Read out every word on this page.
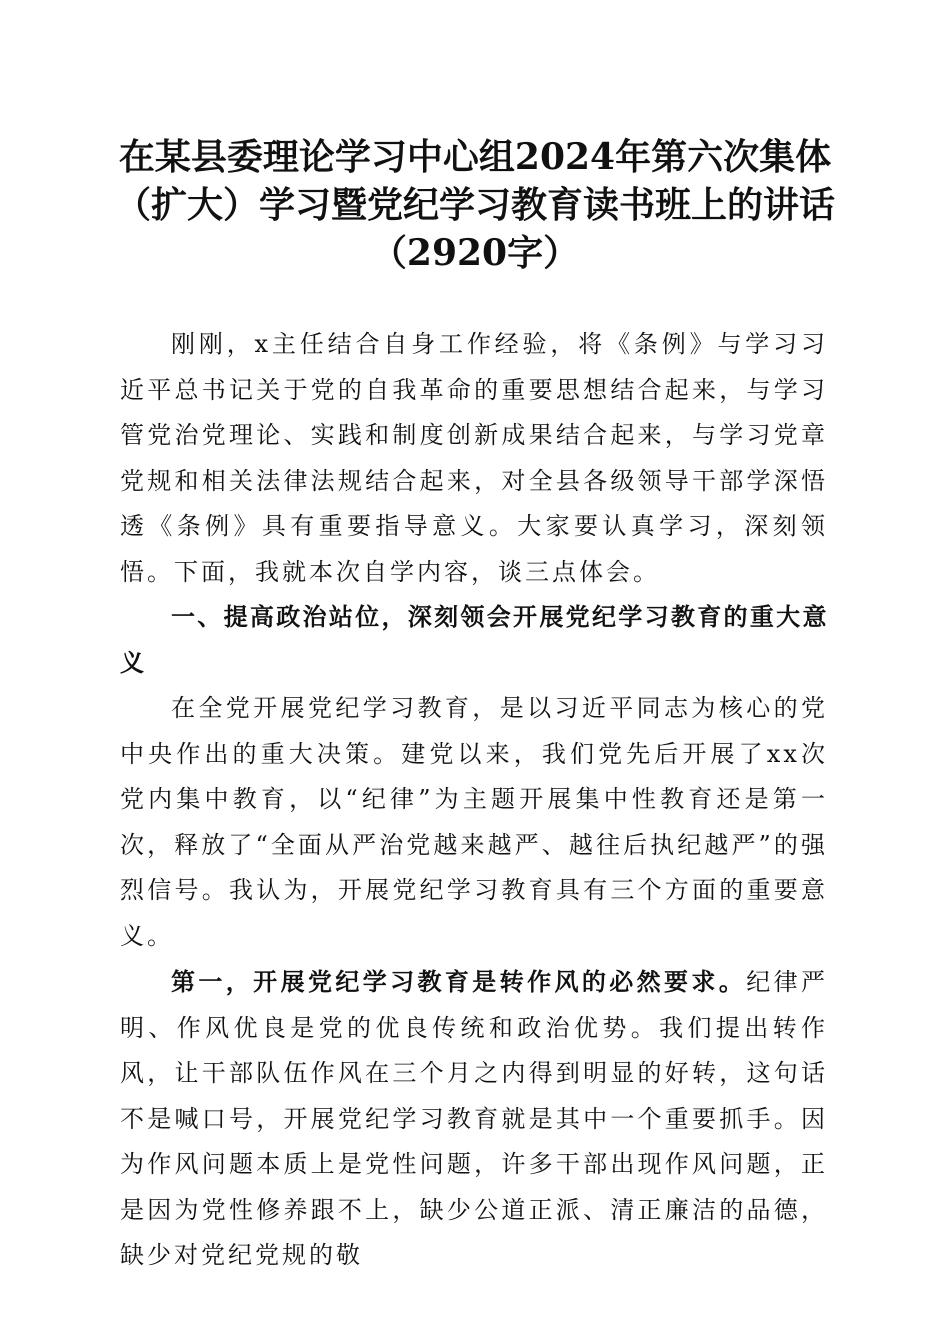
在某县委理论学习中心组2024年第六次集体
（扩大）学习暨党纪学习教育读书班上的讲话
（2920字）

刚刚，x主任结合自身工作经验，将《条例》与学习习近平总书记关于党的自我革命的重要思想结合起来，与学习管党治党理论、实践和制度创新成果结合起来，与学习党章党规和相关法律法规结合起来，对全县各级领导干部学深悟透《条例》具有重要指导意义。大家要认真学习，深刻领悟。下面，我就本次自学内容，谈三点体会。

一、提高政治站位，深刻领会开展党纪学习教育的重大意义

在全党开展党纪学习教育，是以习近平同志为核心的党中央作出的重大决策。建党以来，我们党先后开展了xx次党内集中教育，以“纪律”为主题开展集中性教育还是第一次，释放了“全面从严治党越来越严、越往后执纪越严”的强烈信号。我认为，开展党纪学习教育具有三个方面的重要意义。

第一，开展党纪学习教育是转作风的必然要求。纪律严明、作风优良是党的优良传统和政治优势。我们提出转作风，让干部队伍作风在三个月之内得到明显的好转，这句话不是喊口号，开展党纪学习教育就是其中一个重要抓手。因为作风问题本质上是党性问题，许多干部出现作风问题，正是因为党性修养跟不上，缺少公道正派、清正廉洁的品德，缺少对党纪党规的敬
